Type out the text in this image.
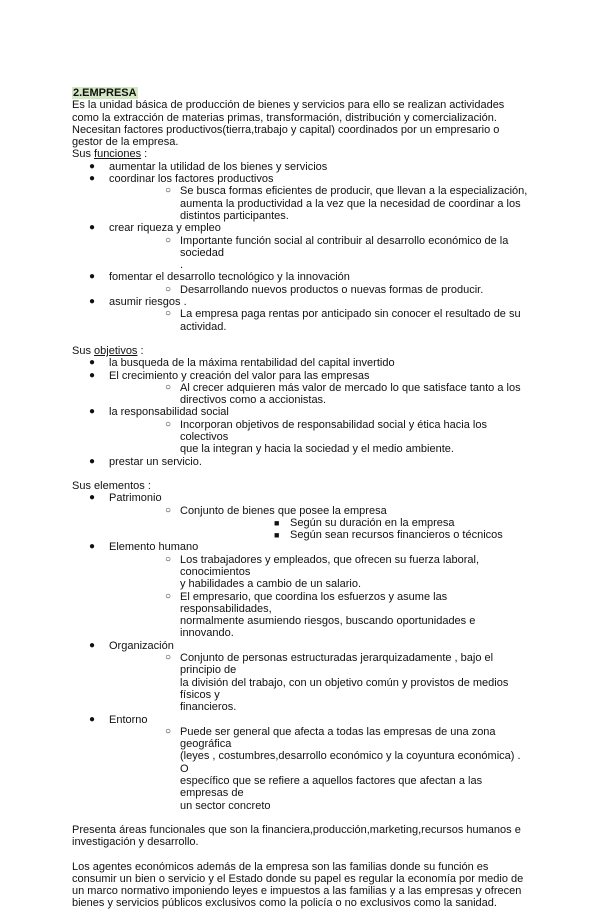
2.EMPRESA

Es la unidad básica de producción de bienes y servicios para ello se realizan actividades
como la extracción de materias primas, transformación, distribución y comercialización.
Necesitan factores productivos(tierra,trabajo y capital) coordinados por un empresario o
gestor de la empresa.

Sus funciones :

● aumentar la utilidad de los bienes y servicios
● coordinar los factores productivos
○ Se busca formas eficientes de producir, que llevan a la especialización,
aumenta la productividad a la vez que la necesidad de coordinar a los
distintos participantes.
● crear riqueza y empleo
○ Importante función social al contribuir al desarrollo económico de la sociedad
.
● fomentar el desarrollo tecnológico y la innovación
○ Desarrollando nuevos productos o nuevas formas de producir.
● asumir riesgos .
○ La empresa paga rentas por anticipado sin conocer el resultado de su
actividad.

Sus objetivos :

● la busqueda de la máxima rentabilidad del capital invertido
● El crecimiento y creación del valor para las empresas
○ Al crecer adquieren más valor de mercado lo que satisface tanto a los
directivos como a accionistas.
● la responsabilidad social
○ Incorporan objetivos de responsabilidad social y ética hacia los colectivos
que la integran y hacia la sociedad y el medio ambiente.
● prestar un servicio.

Sus elementos :

● Patrimonio
○ Conjunto de bienes que posee la empresa
■ Según su duración en la empresa
■ Según sean recursos financieros o técnicos
● Elemento humano
○ Los trabajadores y empleados, que ofrecen su fuerza laboral, conocimientos
y habilidades a cambio de un salario.
○ El empresario, que coordina los esfuerzos y asume las responsabilidades,
normalmente asumiendo riesgos, buscando oportunidades e innovando.
● Organización
○ Conjunto de personas estructuradas jerarquizadamente , bajo el principio de
la división del trabajo, con un objetivo común y provistos de medios físicos y
financieros.
● Entorno
○ Puede ser general que afecta a todas las empresas de una zona geográfica
(leyes , costumbres,desarrollo económico y la coyuntura económica) . O
específico que se refiere a aquellos factores que afectan a las empresas de
un sector concreto

Presenta áreas funcionales que son la financiera,producción,marketing,recursos humanos e
investigación y desarrollo.

Los agentes económicos además de la empresa son las familias donde su función es
consumir un bien o servicio y el Estado donde su papel es regular la economía por medio de
un marco normativo imponiendo leyes e impuestos a las familias y a las empresas y ofrecen
bienes y servicios públicos exclusivos como la policía o no exclusivos como la sanidad.
